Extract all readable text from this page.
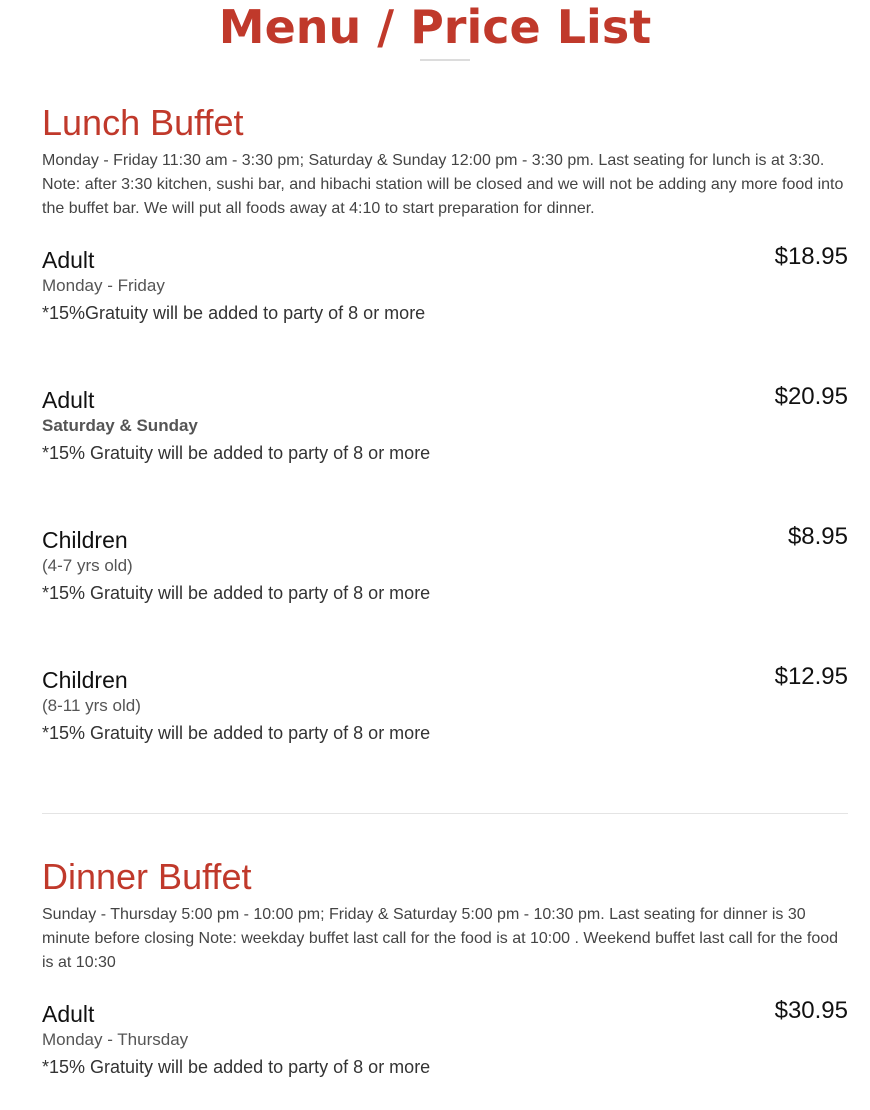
Menu / Price List
Lunch Buffet

Monday - Friday 11:30 am - 3:30 pm; Saturday & Sunday 12:00 pm - 3:30 pm. Last seating for lunch is at 3:30. Note: after 3:30 kitchen, sushi bar, and hibachi station will be closed and we will not be adding any more food into the buffet bar. We will put all foods away at 4:10 to start preparation for dinner.

Adult	$18.95
Monday - Friday
*15%Gratuity will be added to party of 8 or more
Adult	$20.95
Saturday & Sunday
*15% Gratuity will be added to party of 8 or more
Children	$8.95
(4-7 yrs old)
*15% Gratuity will be added to party of 8 or more
Children	$12.95
(8-11 yrs old)
*15% Gratuity will be added to party of 8 or more
Dinner Buffet

Sunday - Thursday 5:00 pm - 10:00 pm; Friday & Saturday 5:00 pm - 10:30 pm. Last seating for dinner is 30 minute before closing Note: weekday buffet last call for the food is at 10:00 . Weekend buffet last call for the food is at 10:30

Adult	$30.95
Monday - Thursday
*15% Gratuity will be added to party of 8 or more
